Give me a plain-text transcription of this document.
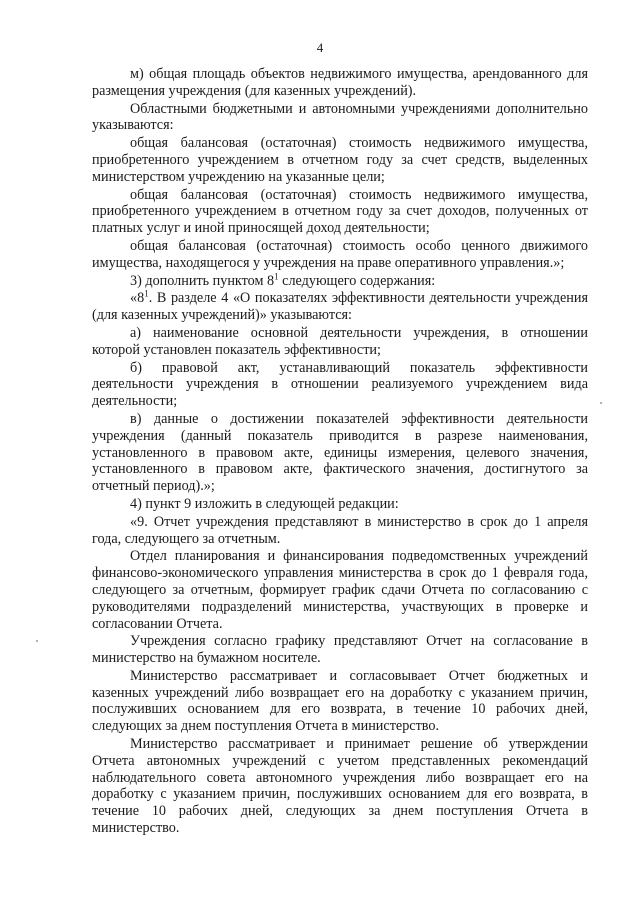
4

м) общая площадь объектов недвижимого имущества, арендованного для размещения учреждения (для казенных учреждений).

Областными бюджетными и автономными учреждениями дополнительно указываются:

общая балансовая (остаточная) стоимость недвижимого имущества, приобретенного учреждением в отчетном году за счет средств, выделенных министерством учреждению на указанные цели;

общая балансовая (остаточная) стоимость недвижимого имущества, приобретенного учреждением в отчетном году за счет доходов, полученных от платных услуг и иной приносящей доход деятельности;

общая балансовая (остаточная) стоимость особо ценного движимого имущества, находящегося у учреждения на праве оперативного управления.»;

3) дополнить пунктом $8^1$ следующего содержания:

«$8^1$. В разделе 4 «О показателях эффективности деятельности учреждения (для казенных учреждений)» указываются:

а) наименование основной деятельности учреждения, в отношении которой установлен показатель эффективности;

б) правовой акт, устанавливающий показатель эффективности деятельности учреждения в отношении реализуемого учреждением вида деятельности;

в) данные о достижении показателей эффективности деятельности учреждения (данный показатель приводится в разрезе наименования, установленного в правовом акте, единицы измерения, целевого значения, установленного в правовом акте, фактического значения, достигнутого за отчетный период).»;

4) пункт 9 изложить в следующей редакции:

«9. Отчет учреждения представляют в министерство в срок до 1 апреля года, следующего за отчетным.

Отдел планирования и финансирования подведомственных учреждений финансово-экономического управления министерства в срок до 1 февраля года, следующего за отчетным, формирует график сдачи Отчета по согласованию с руководителями подразделений министерства, участвующих в проверке и согласовании Отчета.

Учреждения согласно графику представляют Отчет на согласование в министерство на бумажном носителе.

Министерство рассматривает и согласовывает Отчет бюджетных и казенных учреждений либо возвращает его на доработку с указанием причин, послуживших основанием для его возврата, в течение 10 рабочих дней, следующих за днем поступления Отчета в министерство.

Министерство рассматривает и принимает решение об утверждении Отчета автономных учреждений с учетом представленных рекомендаций наблюдательного совета автономного учреждения либо возвращает его на доработку с указанием причин, послуживших основанием для его возврата, в течение 10 рабочих дней, следующих за днем поступления Отчета в министерство.
